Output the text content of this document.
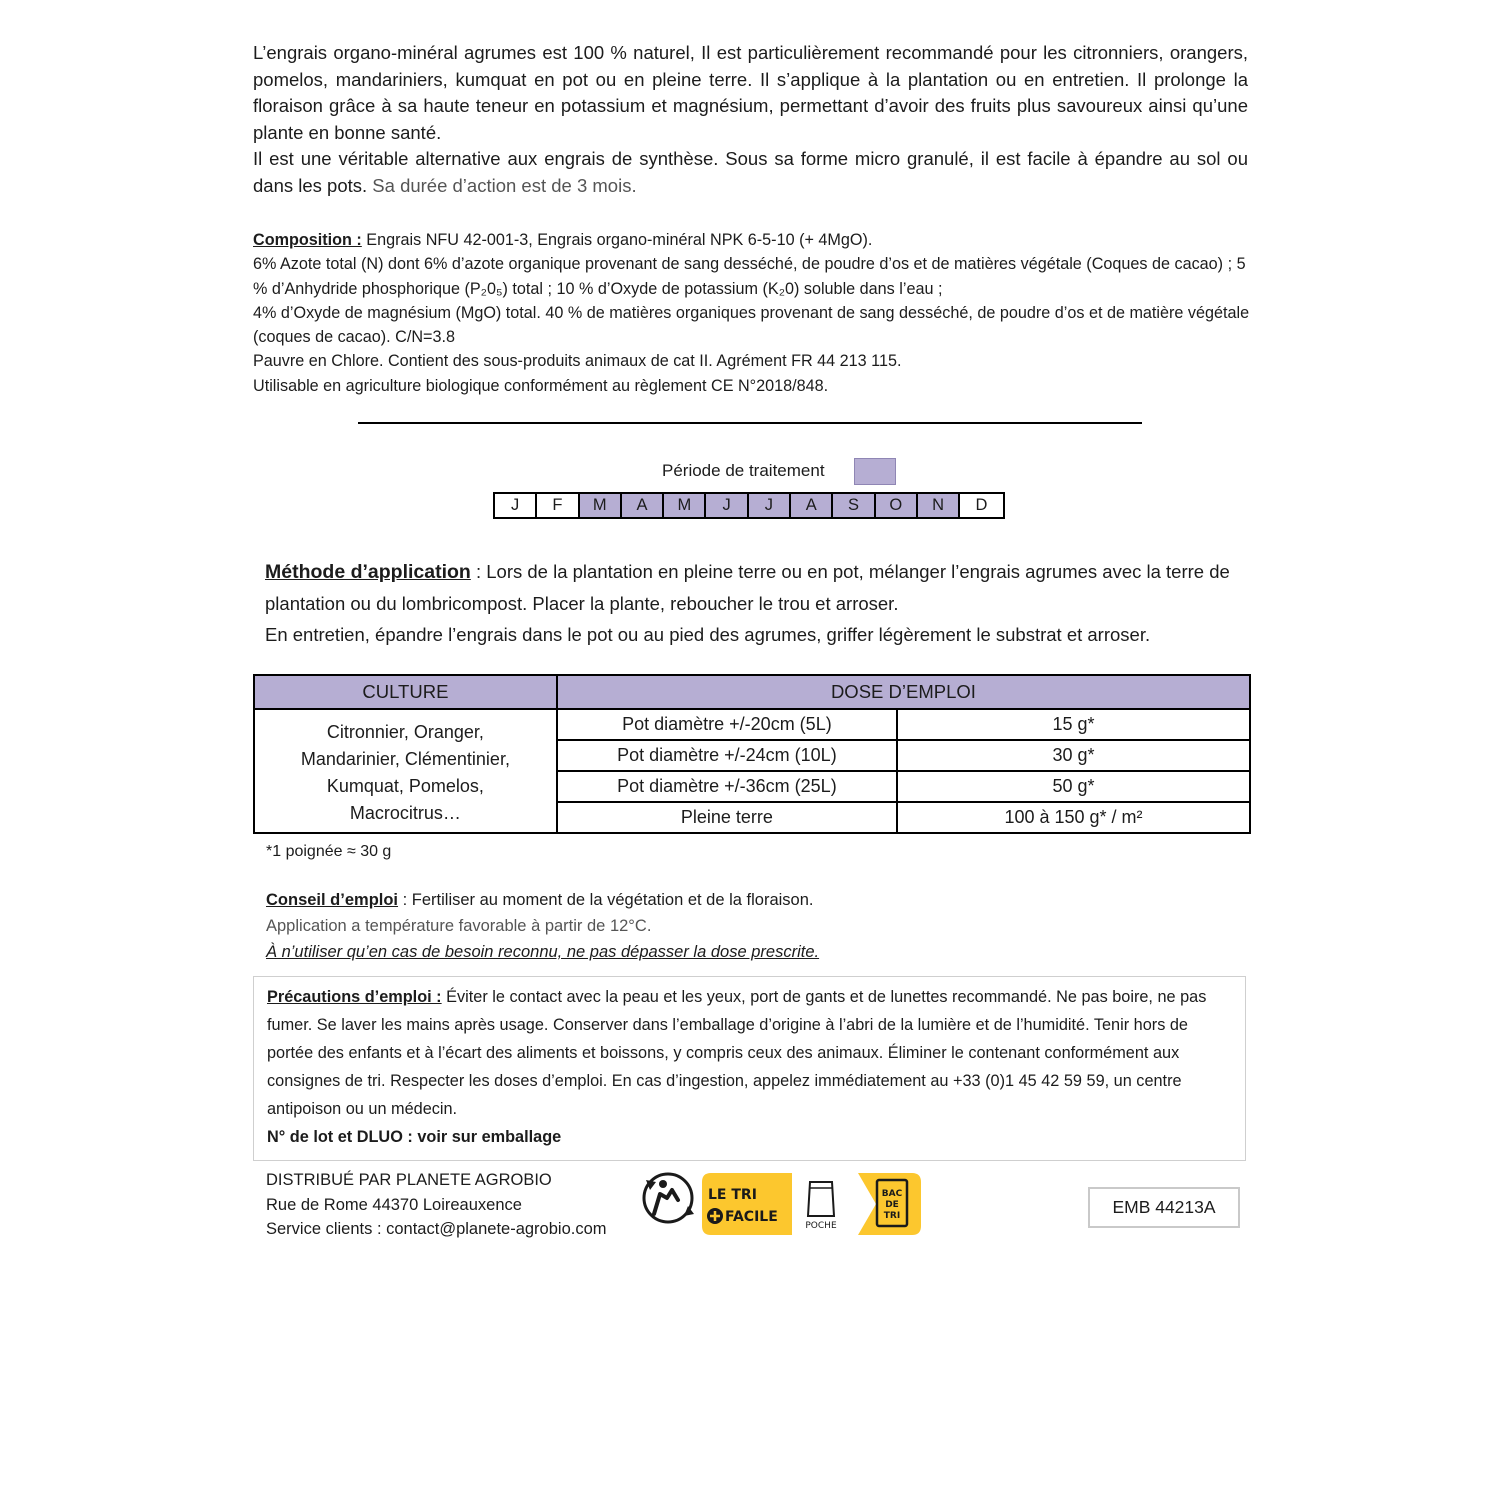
L’engrais organo-minéral agrumes est 100 % naturel, Il est particulièrement recommandé pour les citronniers, orangers, pomelos, mandariniers, kumquat en pot ou en pleine terre. Il s’applique à la plantation ou en entretien. Il prolonge la floraison grâce à sa haute teneur en potassium et magnésium, permettant d’avoir des fruits plus savoureux ainsi qu’une plante en bonne santé.

Il est une véritable alternative aux engrais de synthèse. Sous sa forme micro granulé, il est facile à épandre au sol ou dans les pots. Sa durée d’action est de 3 mois.

Composition : Engrais NFU 42-001-3, Engrais organo-minéral NPK 6-5-10 (+ 4MgO).

6% Azote total (N) dont 6% d’azote organique provenant de sang desséché, de poudre d’os et de matières végétale (Coques de cacao) ; 5 % d’Anhydride phosphorique (P₂0₅) total ; 10 % d’Oxyde de potassium (K₂0) soluble dans l’eau ;

4% d’Oxyde de magnésium (MgO) total. 40 % de matières organiques provenant de sang desséché, de poudre d’os et de matière végétale (coques de cacao). C/N=3.8

Pauvre en Chlore. Contient des sous-produits animaux de cat II. Agrément FR 44 213 115.

Utilisable en agriculture biologique conformément au règlement CE N°2018/848.

Période de traitement
J	F	M	A	M	J	J	A	S	O	N	D

Méthode d’application : Lors de la plantation en pleine terre ou en pot, mélanger l’engrais agrumes avec la terre de plantation ou du lombricompost. Placer la plante, reboucher le trou et arroser.

En entretien, épandre l’engrais dans le pot ou au pied des agrumes, griffer légèrement le substrat et arroser.

CULTURE	DOSE D’EMPLOI	

Citronnier, Oranger, Mandarinier, Clémentinier, Kumquat, Pomelos, Macrocitrus…	Pot diamètre +/-20cm (5L)	15 g*
	Pot diamètre +/-24cm (10L)	30 g*
	Pot diamètre +/-36cm (25L)	50 g*
	Pleine terre	100 à 150 g* / m²
*1 poignée ≈ 30 g

Conseil d’emploi : Fertiliser au moment de la végétation et de la floraison.

Application a température favorable à partir de 12°C.

À n’utiliser qu’en cas de besoin reconnu, ne pas dépasser la dose prescrite.

Précautions d’emploi : Éviter le contact avec la peau et les yeux, port de gants et de lunettes recommandé. Ne pas boire, ne pas fumer. Se laver les mains après usage. Conserver dans l’emballage d’origine à l’abri de la lumière et de l’humidité. Tenir hors de portée des enfants et à l’écart des aliments et boissons, y compris ceux des animaux. Éliminer le contenant conformément aux consignes de tri. Respecter les doses d’emploi. En cas d’ingestion, appelez immédiatement au +33 (0)1 45 42 59 59, un centre antipoison ou un médecin.

N° de lot et DLUO : voir sur emballage

DISTRIBUÉ PAR PLANETE AGROBIO

Rue de Rome 44370 Loireauxence

Service clients : contact@planete-agrobio.com

LE TRI
FACILE
POCHE
BAC
DE
TRI	EMB 44213A
